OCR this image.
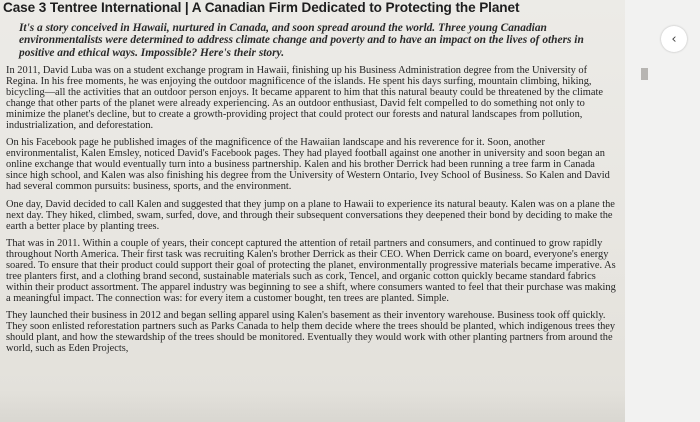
Case 3 Tentree International | A Canadian Firm Dedicated to Protecting the Planet
It's a story conceived in Hawaii, nurtured in Canada, and soon spread around the world. Three young Canadian environmentalists were determined to address climate change and poverty and to have an impact on the lives of others in positive and ethical ways. Impossible? Here's their story.

In 2011, David Luba was on a student exchange program in Hawaii, finishing up his Business Administration degree from the University of Regina. In his free moments, he was enjoying the outdoor magnificence of the islands. He spent his days surfing, mountain climbing, hiking, bicycling—all the activities that an outdoor person enjoys. It became apparent to him that this natural beauty could be threatened by the climate change that other parts of the planet were already experiencing. As an outdoor enthusiast, David felt compelled to do something not only to minimize the planet's decline, but to create a growth-providing project that could protect our forests and natural landscapes from pollution, industrialization, and deforestation.

On his Facebook page he published images of the magnificence of the Hawaiian landscape and his reverence for it. Soon, another environmentalist, Kalen Emsley, noticed David's Facebook pages. They had played football against one another in university and soon began an online exchange that would eventually turn into a business partnership. Kalen and his brother Derrick had been running a tree farm in Canada since high school, and Kalen was also finishing his degree from the University of Western Ontario, Ivey School of Business. So Kalen and David had several common pursuits: business, sports, and the environment.

One day, David decided to call Kalen and suggested that they jump on a plane to Hawaii to experience its natural beauty. Kalen was on a plane the next day. They hiked, climbed, swam, surfed, dove, and through their subsequent conversations they deepened their bond by deciding to make the earth a better place by planting trees.

That was in 2011. Within a couple of years, their concept captured the attention of retail partners and consumers, and continued to grow rapidly throughout North America. Their first task was recruiting Kalen's brother Derrick as their CEO. When Derrick came on board, everyone's energy soared. To ensure that their product could support their goal of protecting the planet, environmentally progressive materials became imperative. As tree planters first, and a clothing brand second, sustainable materials such as cork, Tencel, and organic cotton quickly became standard fabrics within their product assortment. The apparel industry was beginning to see a shift, where consumers wanted to feel that their purchase was making a meaningful impact. The connection was: for every item a customer bought, ten trees are planted. Simple.

They launched their business in 2012 and began selling apparel using Kalen's basement as their inventory warehouse. Business took off quickly. They soon enlisted reforestation partners such as Parks Canada to help them decide where the trees should be planted, which indigenous trees they should plant, and how the stewardship of the trees should be monitored. Eventually they would work with other planting partners from around the world, such as Eden Projects,

‹
